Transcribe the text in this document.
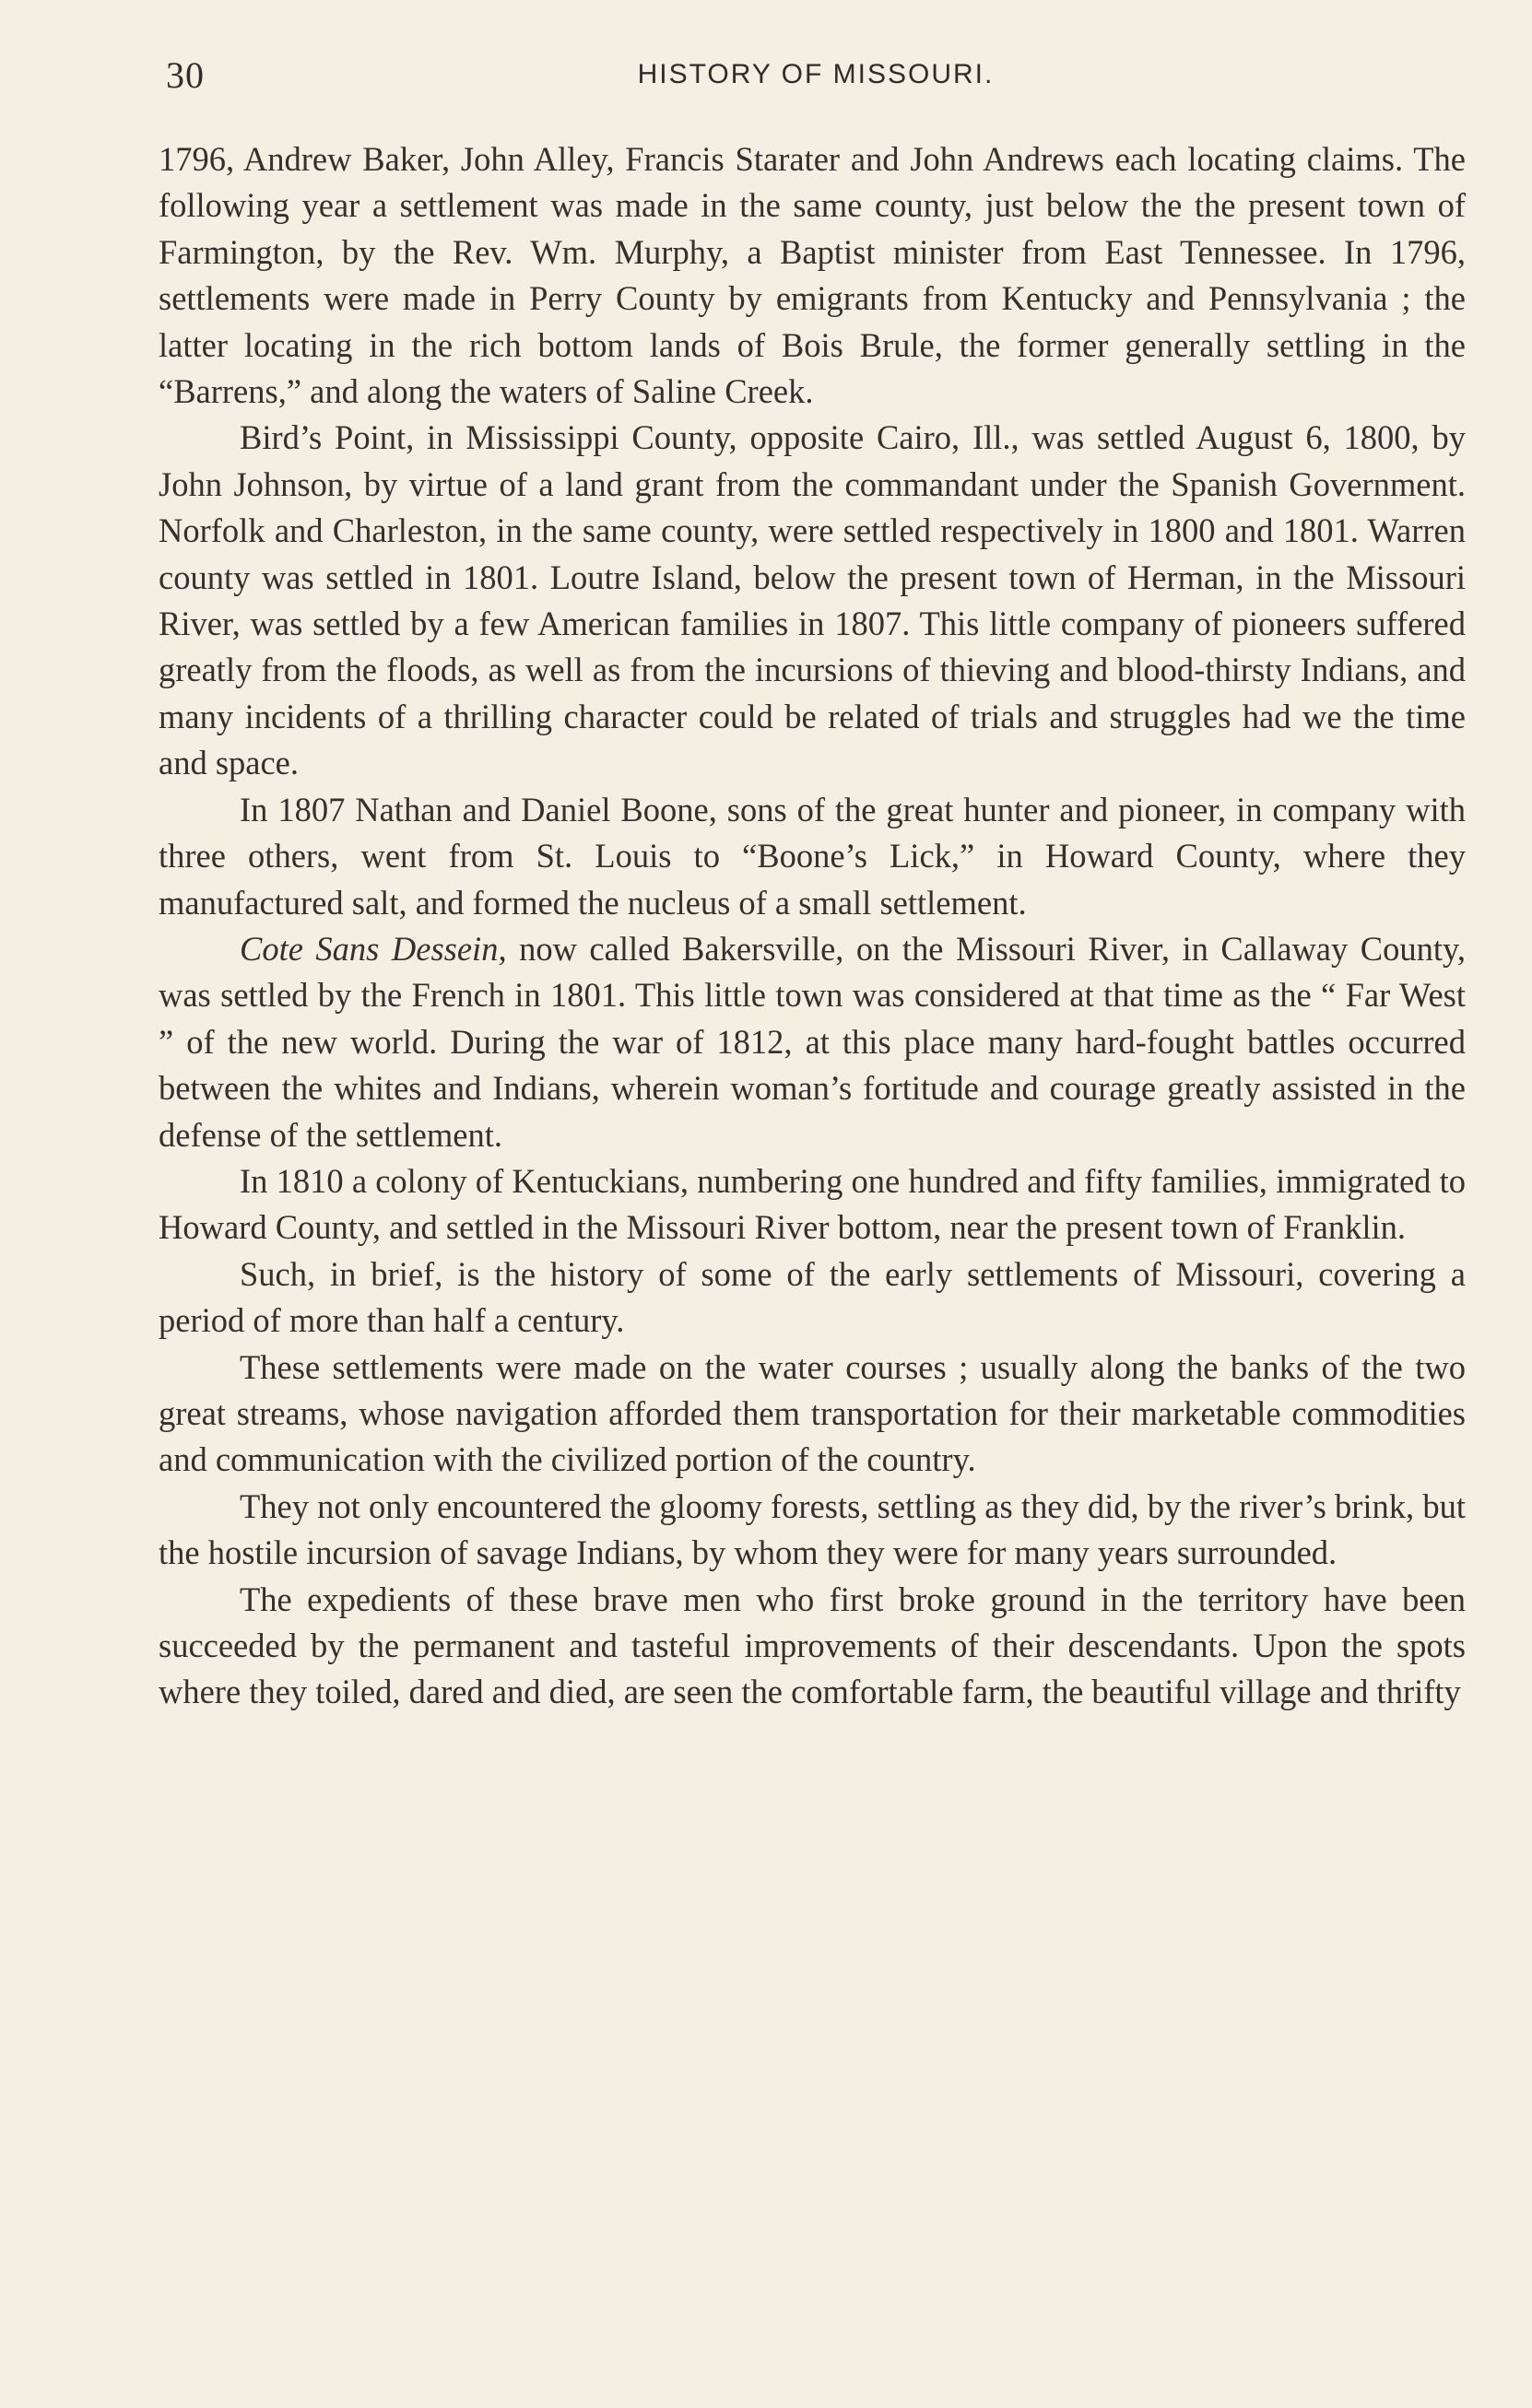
30	HISTORY OF MISSOURI.

1796, Andrew Baker, John Alley, Francis Starater and John Andrews each locating claims. The following year a settlement was made in the same county, just below the the present town of Farmington, by the Rev. Wm. Murphy, a Baptist minister from East Tennessee. In 1796, settlements were made in Perry County by emigrants from Kentucky and Pennsylvania ; the latter locating in the rich bottom lands of Bois Brule, the former generally settling in the “Barrens,” and along the waters of Saline Creek.

Bird’s Point, in Mississippi County, opposite Cairo, Ill., was settled August 6, 1800, by John Johnson, by virtue of a land grant from the commandant under the Spanish Government. Norfolk and Charleston, in the same county, were settled respectively in 1800 and 1801. Warren county was settled in 1801. Loutre Island, below the present town of Herman, in the Missouri River, was settled by a few American families in 1807. This little company of pioneers suffered greatly from the floods, as well as from the incursions of thieving and blood-thirsty Indians, and many incidents of a thrilling character could be related of trials and struggles had we the time and space.

In 1807 Nathan and Daniel Boone, sons of the great hunter and pioneer, in company with three others, went from St. Louis to “Boone’s Lick,” in Howard County, where they manufactured salt, and formed the nucleus of a small settlement.

Cote Sans Dessein, now called Bakersville, on the Missouri River, in Callaway County, was settled by the French in 1801. This little town was considered at that time as the “ Far West ” of the new world. During the war of 1812, at this place many hard-fought battles occurred between the whites and Indians, wherein woman’s fortitude and courage greatly assisted in the defense of the settlement.

In 1810 a colony of Kentuckians, numbering one hundred and fifty families, immigrated to Howard County, and settled in the Missouri River bottom, near the present town of Franklin.

Such, in brief, is the history of some of the early settlements of Missouri, covering a period of more than half a century.

These settlements were made on the water courses ; usually along the banks of the two great streams, whose navigation afforded them transportation for their marketable commodities and communication with the civilized portion of the country.

They not only encountered the gloomy forests, settling as they did, by the river’s brink, but the hostile incursion of savage Indians, by whom they were for many years surrounded.

The expedients of these brave men who first broke ground in the territory have been succeeded by the permanent and tasteful improvements of their descendants. Upon the spots where they toiled, dared and died, are seen the comfortable farm, the beautiful village and thrifty
